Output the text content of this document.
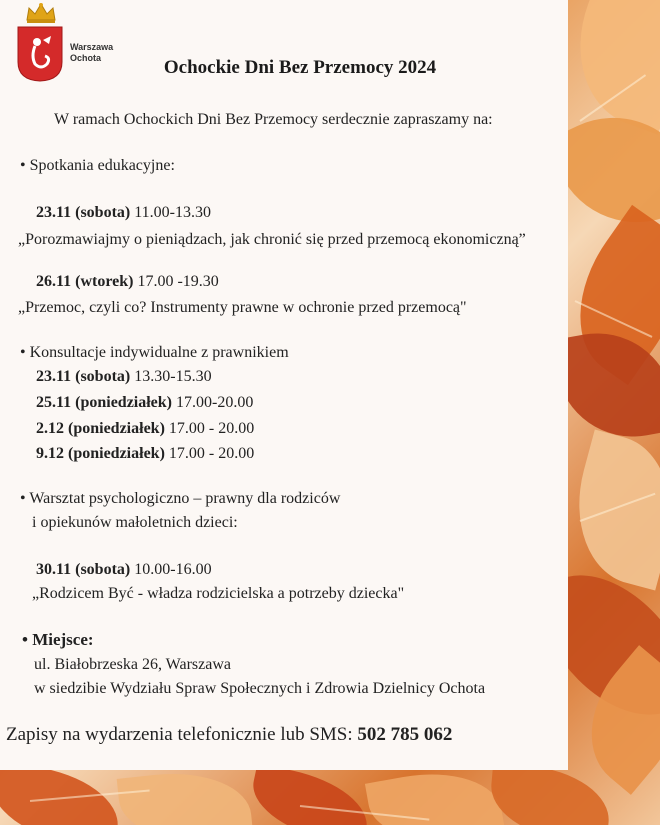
Warszawa
Ochota	Ochockie Dni Bez Przemocy 2024
W ramach Ochockich Dni Bez Przemocy serdecznie zapraszamy na:
• Spotkania edukacyjne:
23.11 (sobota) 11.00-13.30
„Porozmawiajmy o pieniądzach, jak chronić się przed przemocą ekonomiczną”
26.11 (wtorek) 17.00 -19.30
„Przemoc, czyli co? Instrumenty prawne w ochronie przed przemocą"
• Konsultacje indywidualne z prawnikiem
23.11 (sobota) 13.30-15.30
25.11 (poniedziałek) 17.00-20.00
2.12 (poniedziałek) 17.00 - 20.00
9.12 (poniedziałek) 17.00 - 20.00
• Warsztat psychologiczno – prawny dla rodziców
i opiekunów małoletnich dzieci:
30.11 (sobota) 10.00-16.00
„Rodzicem Być - władza rodzicielska a potrzeby dziecka"
• Miejsce:
ul. Białobrzeska 26, Warszawa
w siedzibie Wydziału Spraw Społecznych i Zdrowia Dzielnicy Ochota
Zapisy na wydarzenia telefonicznie lub SMS: 502 785 062
